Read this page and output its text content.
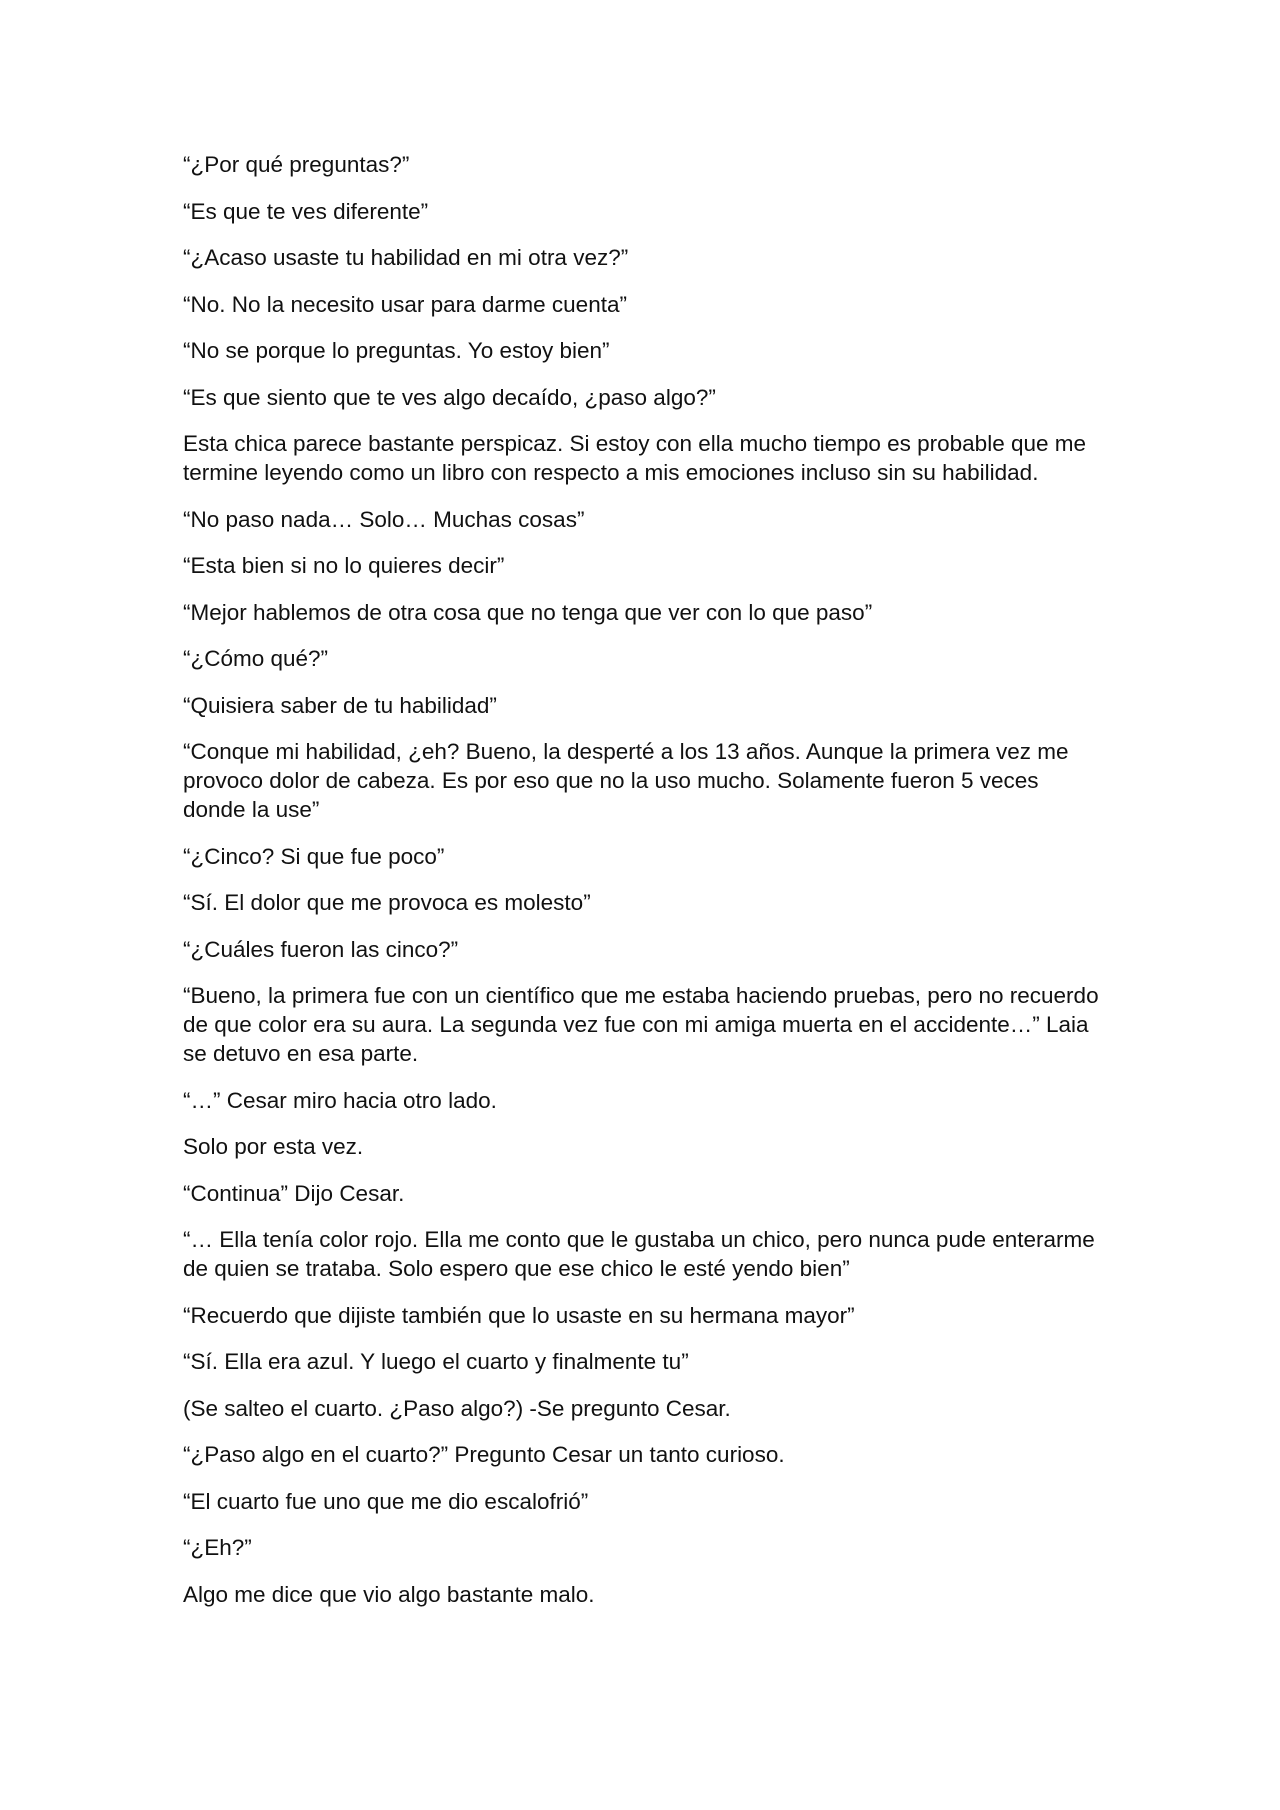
“¿Por qué preguntas?”

“Es que te ves diferente”

“¿Acaso usaste tu habilidad en mi otra vez?”

“No. No la necesito usar para darme cuenta”

“No se porque lo preguntas. Yo estoy bien”

“Es que siento que te ves algo decaído, ¿paso algo?”

Esta chica parece bastante perspicaz. Si estoy con ella mucho tiempo es probable que me termine leyendo como un libro con respecto a mis emociones incluso sin su habilidad.

“No paso nada… Solo… Muchas cosas”

“Esta bien si no lo quieres decir”

“Mejor hablemos de otra cosa que no tenga que ver con lo que paso”

“¿Cómo qué?”

“Quisiera saber de tu habilidad”

“Conque mi habilidad, ¿eh? Bueno, la desperté a los 13 años. Aunque la primera vez me provoco dolor de cabeza. Es por eso que no la uso mucho. Solamente fueron 5 veces donde la use”

“¿Cinco? Si que fue poco”

“Sí. El dolor que me provoca es molesto”

“¿Cuáles fueron las cinco?”

“Bueno, la primera fue con un científico que me estaba haciendo pruebas, pero no recuerdo de que color era su aura. La segunda vez fue con mi amiga muerta en el accidente…” Laia se detuvo en esa parte.

“…” Cesar miro hacia otro lado.

Solo por esta vez.

“Continua” Dijo Cesar.

“… Ella tenía color rojo. Ella me conto que le gustaba un chico, pero nunca pude enterarme de quien se trataba. Solo espero que ese chico le esté yendo bien”

“Recuerdo que dijiste también que lo usaste en su hermana mayor”

“Sí. Ella era azul. Y luego el cuarto y finalmente tu”

(Se salteo el cuarto. ¿Paso algo?) -Se pregunto Cesar.

“¿Paso algo en el cuarto?” Pregunto Cesar un tanto curioso.

“El cuarto fue uno que me dio escalofrió”

“¿Eh?”

Algo me dice que vio algo bastante malo.
